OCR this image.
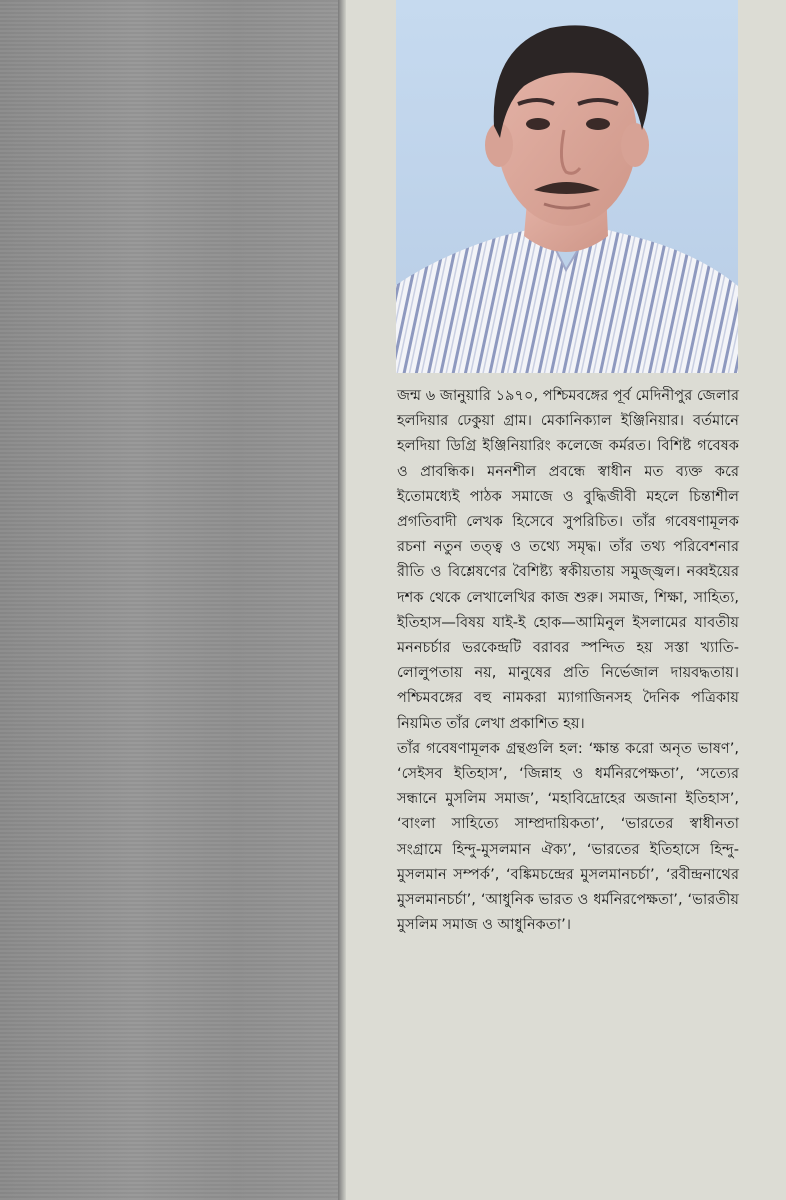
জন্ম ৬ জানুয়ারি ১৯৭০, পশ্চিমবঙ্গের পূর্ব মেদিনীপুর জেলার হলদিয়ার ঢেকুয়া গ্রাম। মেকানিক্যাল ইঞ্জিনিয়ার। বর্তমানে হলদিয়া ডিগ্রি ইঞ্জিনিয়ারিং কলেজে কর্মরত। বিশিষ্ট গবেষক ও প্রাবন্ধিক। মননশীল প্রবন্ধে স্বাধীন মত ব্যক্ত করে ইতোমধ্যেই পাঠক সমাজে ও বুদ্ধিজীবী মহলে চিন্তাশীল প্রগতিবাদী লেখক হিসেবে সুপরিচিত। তাঁর গবেষণামূলক রচনা নতুন তত্ত্ব ও তথ্যে সমৃদ্ধ। তাঁর তথ্য পরিবেশনার রীতি ও বিশ্লেষণের বৈশিষ্ট্য স্বকীয়তায় সমুজ্জ্বল। নব্বইয়ের দশক থেকে লেখালেখির কাজ শুরু। সমাজ, শিক্ষা, সাহিত্য, ইতিহাস—বিষয় যাই-ই হোক—আমিনুল ইসলামের যাবতীয় মননচর্চার ভরকেন্দ্রটি বরাবর স্পন্দিত হয় সস্তা খ্যাতি-লোলুপতায় নয়, মানুষের প্রতি নির্ভেজাল দায়বদ্ধতায়। পশ্চিমবঙ্গের বহু নামকরা ম্যাগাজিনসহ দৈনিক পত্রিকায় নিয়মিত তাঁর লেখা প্রকাশিত হয়।

তাঁর গবেষণামূলক গ্রন্থগুলি হল: ‘ক্ষান্ত করো অনৃত ভাষণ’, ‘সেইসব ইতিহাস’, ‘জিন্নাহ ও ধর্মনিরপেক্ষতা’, ‘সত্যের সন্ধানে মুসলিম সমাজ’, ‘মহাবিদ্রোহের অজানা ইতিহাস’, ‘বাংলা সাহিত্যে সাম্প্রদায়িকতা’, ‘ভারতের স্বাধীনতা সংগ্রামে হিন্দু-মুসলমান ঐক্য’, ‘ভারতের ইতিহাসে হিন্দু-মুসলমান সম্পর্ক’, ‘বঙ্কিমচন্দ্রের মুসলমানচর্চা’, ‘রবীন্দ্রনাথের মুসলমানচর্চা’, ‘আধুনিক ভারত ও ধর্মনিরপেক্ষতা’, ‘ভারতীয় মুসলিম সমাজ ও আধুনিকতা’।
